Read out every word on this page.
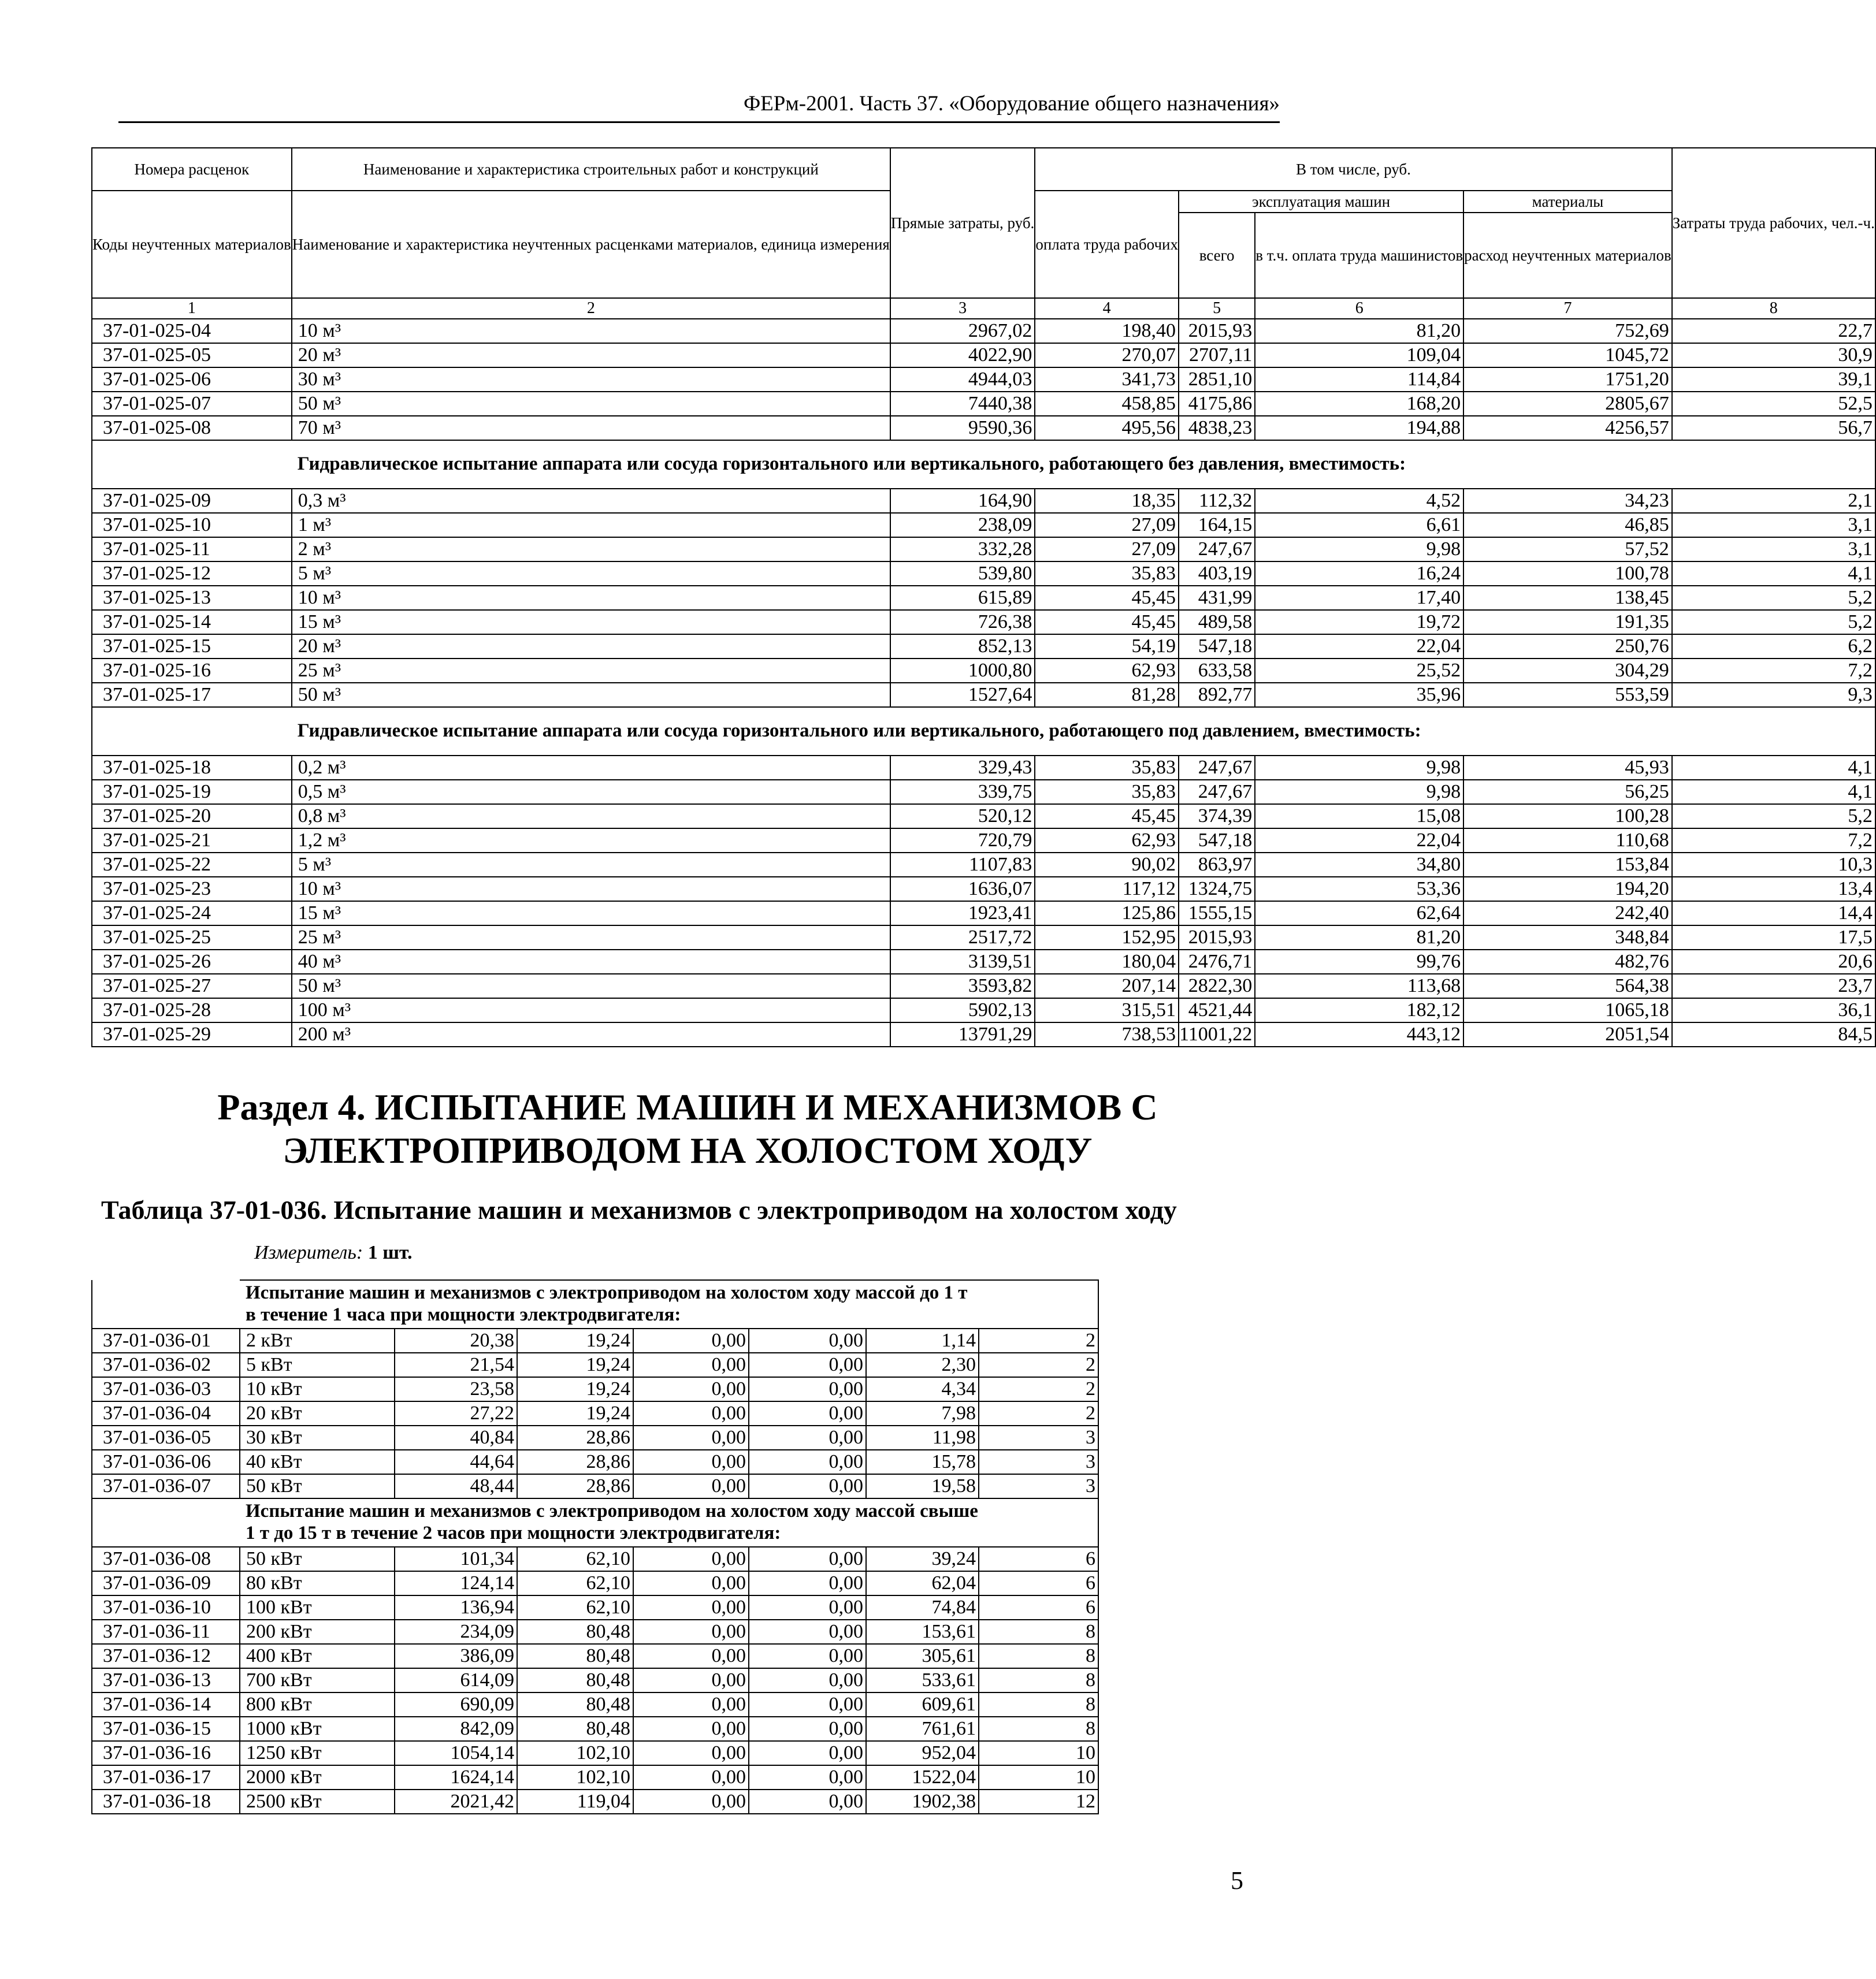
ФЕРм-2001. Часть 37. «Оборудование общего назначения»
Номера расценок	Наименование и характеристика строительных работ и конструкций	Прямые затраты, руб.	В том числе, руб.				Затраты труда рабочих, чел.-ч.
Коды неучтенных материалов	Наименование и характеристика неучтенных расценками материалов, единица измерения		оплата труда рабочих	эксплуатация машин		материалы	
				всего	в т.ч. оплата труда машинистов	расход неучтенных материалов	
1	2	3	4	5	6	7	8
37-01-025-04	10 м³	2967,02	198,40	2015,93	81,20	752,69	22,7
37-01-025-05	20 м³	4022,90	270,07	2707,11	109,04	1045,72	30,9
37-01-025-06	30 м³	4944,03	341,73	2851,10	114,84	1751,20	39,1
37-01-025-07	50 м³	7440,38	458,85	4175,86	168,20	2805,67	52,5
37-01-025-08	70 м³	9590,36	495,56	4838,23	194,88	4256,57	56,7
	Гидравлическое испытание аппарата или сосуда горизонтального или вертикального, работающего без давления, вместимость:						
37-01-025-09	0,3 м³	164,90	18,35	112,32	4,52	34,23	2,1
37-01-025-10	1 м³	238,09	27,09	164,15	6,61	46,85	3,1
37-01-025-11	2 м³	332,28	27,09	247,67	9,98	57,52	3,1
37-01-025-12	5 м³	539,80	35,83	403,19	16,24	100,78	4,1
37-01-025-13	10 м³	615,89	45,45	431,99	17,40	138,45	5,2
37-01-025-14	15 м³	726,38	45,45	489,58	19,72	191,35	5,2
37-01-025-15	20 м³	852,13	54,19	547,18	22,04	250,76	6,2
37-01-025-16	25 м³	1000,80	62,93	633,58	25,52	304,29	7,2
37-01-025-17	50 м³	1527,64	81,28	892,77	35,96	553,59	9,3
	Гидравлическое испытание аппарата или сосуда горизонтального или вертикального, работающего под давлением, вместимость:						
37-01-025-18	0,2 м³	329,43	35,83	247,67	9,98	45,93	4,1
37-01-025-19	0,5 м³	339,75	35,83	247,67	9,98	56,25	4,1
37-01-025-20	0,8 м³	520,12	45,45	374,39	15,08	100,28	5,2
37-01-025-21	1,2 м³	720,79	62,93	547,18	22,04	110,68	7,2
37-01-025-22	5 м³	1107,83	90,02	863,97	34,80	153,84	10,3
37-01-025-23	10 м³	1636,07	117,12	1324,75	53,36	194,20	13,4
37-01-025-24	15 м³	1923,41	125,86	1555,15	62,64	242,40	14,4
37-01-025-25	25 м³	2517,72	152,95	2015,93	81,20	348,84	17,5
37-01-025-26	40 м³	3139,51	180,04	2476,71	99,76	482,76	20,6
37-01-025-27	50 м³	3593,82	207,14	2822,30	113,68	564,38	23,7
37-01-025-28	100 м³	5902,13	315,51	4521,44	182,12	1065,18	36,1
37-01-025-29	200 м³	13791,29	738,53	11001,22	443,12	2051,54	84,5
Раздел 4. ИСПЫТАНИЕ МАШИН И МЕХАНИЗМОВ С
ЭЛЕКТРОПРИВОДОМ НА ХОЛОСТОМ ХОДУ
Таблица 37-01-036. Испытание машин и механизмов с электроприводом на холостом ходу
Измеритель: 1 шт.
	Испытание машин и механизмов с электроприводом на холостом ходу массой до 1 т в течение 1 часа при мощности электродвигателя:						
37-01-036-01	2 кВт	20,38	19,24	0,00	0,00	1,14	2
37-01-036-02	5 кВт	21,54	19,24	0,00	0,00	2,30	2
37-01-036-03	10 кВт	23,58	19,24	0,00	0,00	4,34	2
37-01-036-04	20 кВт	27,22	19,24	0,00	0,00	7,98	2
37-01-036-05	30 кВт	40,84	28,86	0,00	0,00	11,98	3
37-01-036-06	40 кВт	44,64	28,86	0,00	0,00	15,78	3
37-01-036-07	50 кВт	48,44	28,86	0,00	0,00	19,58	3
	Испытание машин и механизмов с электроприводом на холостом ходу массой свыше 1 т до 15 т в течение 2 часов при мощности электродвигателя:						
37-01-036-08	50 кВт	101,34	62,10	0,00	0,00	39,24	6
37-01-036-09	80 кВт	124,14	62,10	0,00	0,00	62,04	6
37-01-036-10	100 кВт	136,94	62,10	0,00	0,00	74,84	6
37-01-036-11	200 кВт	234,09	80,48	0,00	0,00	153,61	8
37-01-036-12	400 кВт	386,09	80,48	0,00	0,00	305,61	8
37-01-036-13	700 кВт	614,09	80,48	0,00	0,00	533,61	8
37-01-036-14	800 кВт	690,09	80,48	0,00	0,00	609,61	8
37-01-036-15	1000 кВт	842,09	80,48	0,00	0,00	761,61	8
37-01-036-16	1250 кВт	1054,14	102,10	0,00	0,00	952,04	10
37-01-036-17	2000 кВт	1624,14	102,10	0,00	0,00	1522,04	10
37-01-036-18	2500 кВт	2021,42	119,04	0,00	0,00	1902,38	12
5
